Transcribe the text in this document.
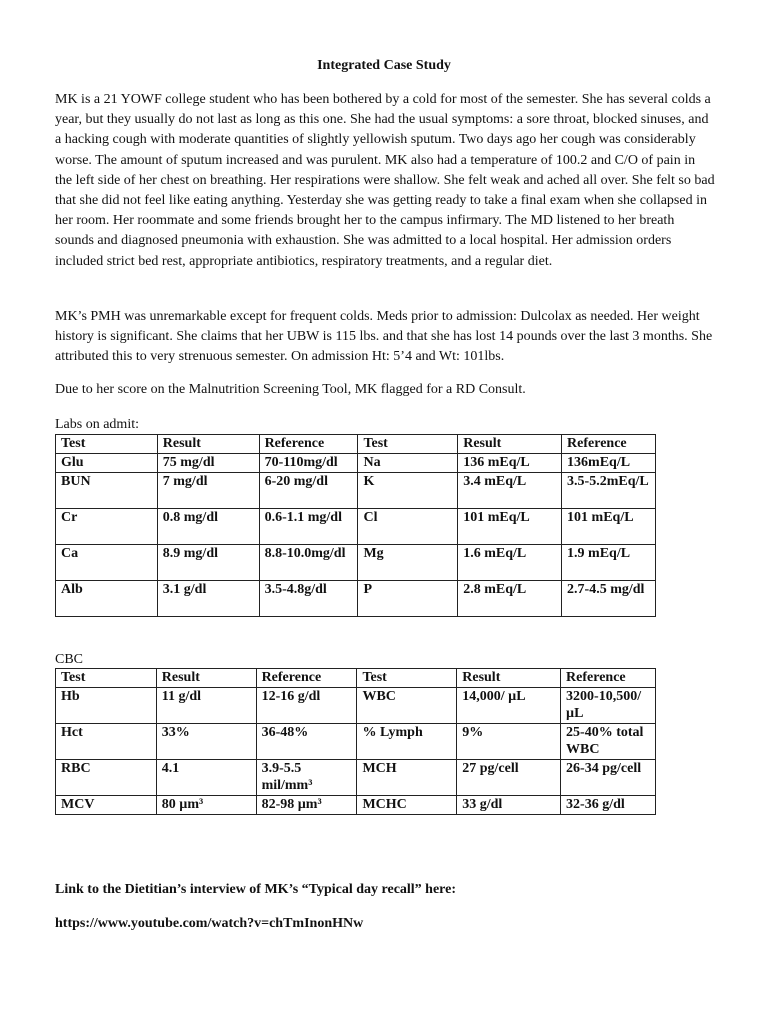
Integrated Case Study

MK is a 21 YOWF college student who has been bothered by a cold for most of the semester. She has several colds a year, but they usually do not last as long as this one. She had the usual symptoms: a sore throat, blocked sinuses, and a hacking cough with moderate quantities of slightly yellowish sputum. Two days ago her cough was considerably worse. The amount of sputum increased and was purulent. MK also had a temperature of 100.2 and C/O of pain in the left side of her chest on breathing. Her respirations were shallow. She felt weak and ached all over. She felt so bad that she did not feel like eating anything. Yesterday she was getting ready to take a final exam when she collapsed in her room. Her roommate and some friends brought her to the campus infirmary. The MD listened to her breath sounds and diagnosed pneumonia with exhaustion. She was admitted to a local hospital. Her admission orders included strict bed rest, appropriate antibiotics, respiratory treatments, and a regular diet.

MK’s PMH was unremarkable except for frequent colds. Meds prior to admission: Dulcolax as needed. Her weight history is significant. She claims that her UBW is 115 lbs. and that she has lost 14 pounds over the last 3 months. She attributed this to very strenuous semester. On admission Ht: 5’4 and Wt: 101lbs.

Due to her score on the Malnutrition Screening Tool, MK flagged for a RD Consult.

Labs on admit:
Test	Result	Reference	Test	Result	Reference
Glu	75 mg/dl	70-110mg/dl	Na	136 mEq/L	136mEq/L
BUN	7 mg/dl	6-20 mg/dl	K	3.4 mEq/L	3.5-5.2mEq/L
Cr	0.8 mg/dl	0.6-1.1 mg/dl	Cl	101 mEq/L	101 mEq/L
Ca	8.9 mg/dl	8.8-10.0mg/dl	Mg	1.6 mEq/L	1.9 mEq/L
Alb	3.1 g/dl	3.5-4.8g/dl	P	2.8 mEq/L	2.7-4.5 mg/dl
CBC
Test	Result	Reference	Test	Result	Reference
Hb	11 g/dl	12-16 g/dl	WBC	14,000/ µL	3200-10,500/ µL
Hct	33%	36-48%	% Lymph	9%	25-40% total WBC
RBC	4.1	3.9-5.5 mil/mm³	MCH	27 pg/cell	26-34 pg/cell
MCV	80 µm³	82-98 µm³	MCHC	33 g/dl	32-36 g/dl
Link to the Dietitian’s interview of MK’s “Typical day recall” here:
https://www.youtube.com/watch?v=chTmInonHNw
